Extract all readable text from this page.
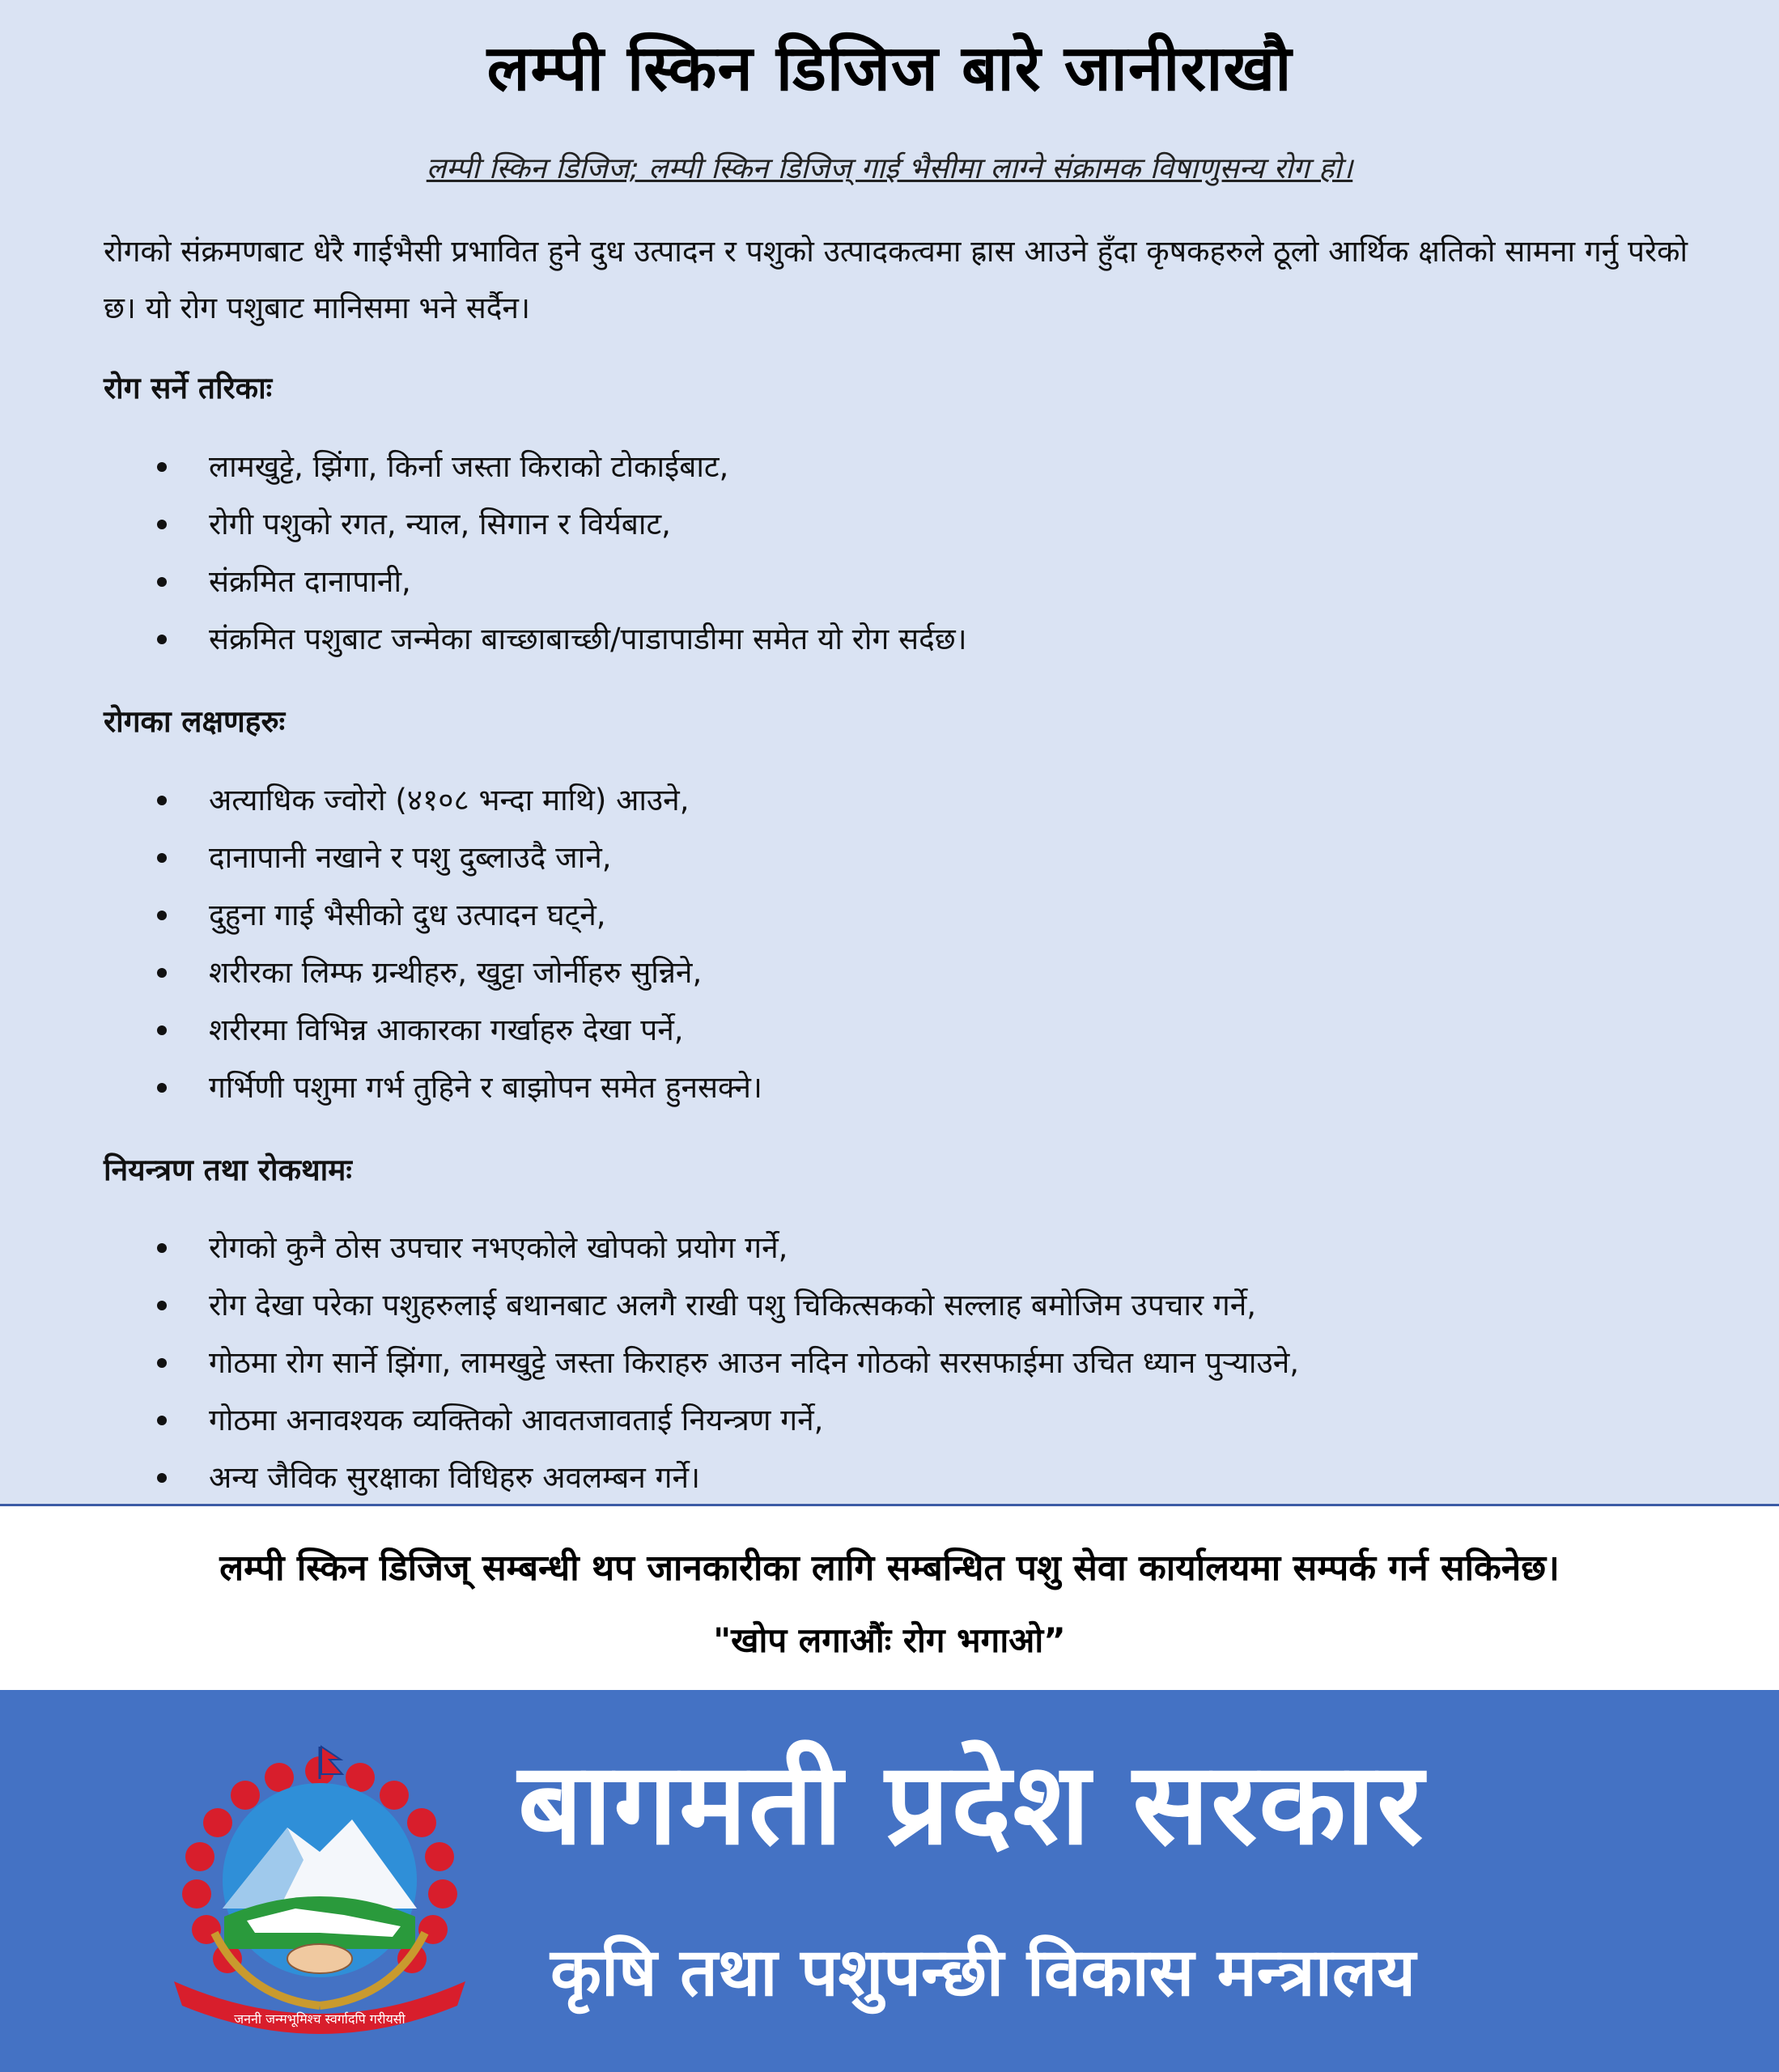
लम्पी स्किन डिजिज बारे जानीराखौ
लम्पी स्किन डिजिज; लम्पी स्किन डिजिज् गाई भैसीमा लाग्ने संक्रामक विषाणुसन्य रोग हो।
रोगको संक्रमणबाट धेरै गाईभैसी प्रभावित हुने दुध उत्पादन र पशुको उत्पादकत्वमा ह्रास आउने हुँदा कृषकहरुले ठूलो आर्थिक क्षतिको सामना गर्नु परेको छ। यो रोग पशुबाट मानिसमा भने सर्दैन।
रोग सर्ने तरिकाः
लामखुट्टे, झिंगा, किर्ना जस्ता किराको टोकाईबाट,
रोगी पशुको रगत, न्याल, सिगान र विर्यबाट,
संक्रमित दानापानी,
संक्रमित पशुबाट जन्मेका बाच्छाबाच्छी/पाडापाडीमा समेत यो रोग सर्दछ।
रोगका लक्षणहरुः
अत्याधिक ज्वोरो (४१०८ भन्दा माथि) आउने,
दानापानी नखाने र पशु दुब्लाउदै जाने,
दुहुना गाई भैसीको दुध उत्पादन घट्ने,
शरीरका लिम्फ ग्रन्थीहरु, खुट्टा जोर्नीहरु सुन्निने,
शरीरमा विभिन्न आकारका गर्खाहरु देखा पर्ने,
गर्भिणी पशुमा गर्भ तुहिने र बाझोपन समेत हुनसक्ने।
नियन्त्रण तथा रोकथामः
रोगको कुनै ठोस उपचार नभएकोले खोपको प्रयोग गर्ने,
रोग देखा परेका पशुहरुलाई बथानबाट अलगै राखी पशु चिकित्सकको सल्लाह बमोजिम उपचार गर्ने,
गोठमा रोग सार्ने झिंगा, लामखुट्टे जस्ता किराहरु आउन नदिन गोठको सरसफाईमा उचित ध्यान पुर्‍याउने,
गोठमा अनावश्यक व्यक्तिको आवतजावताई नियन्त्रण गर्ने,
अन्य जैविक सुरक्षाका विधिहरु अवलम्बन गर्ने।
लम्पी स्किन डिजिज् सम्बन्धी थप जानकारीका लागि सम्बन्धित पशु सेवा कार्यालयमा सम्पर्क गर्न सकिनेछ।
"खोप लगाऔंः रोग भगाओ”
जननी जन्मभूमिश्च स्वर्गादपि गरीयसी
बागमती प्रदेश सरकार
कृषि तथा पशुपन्छी विकास मन्त्रालय
